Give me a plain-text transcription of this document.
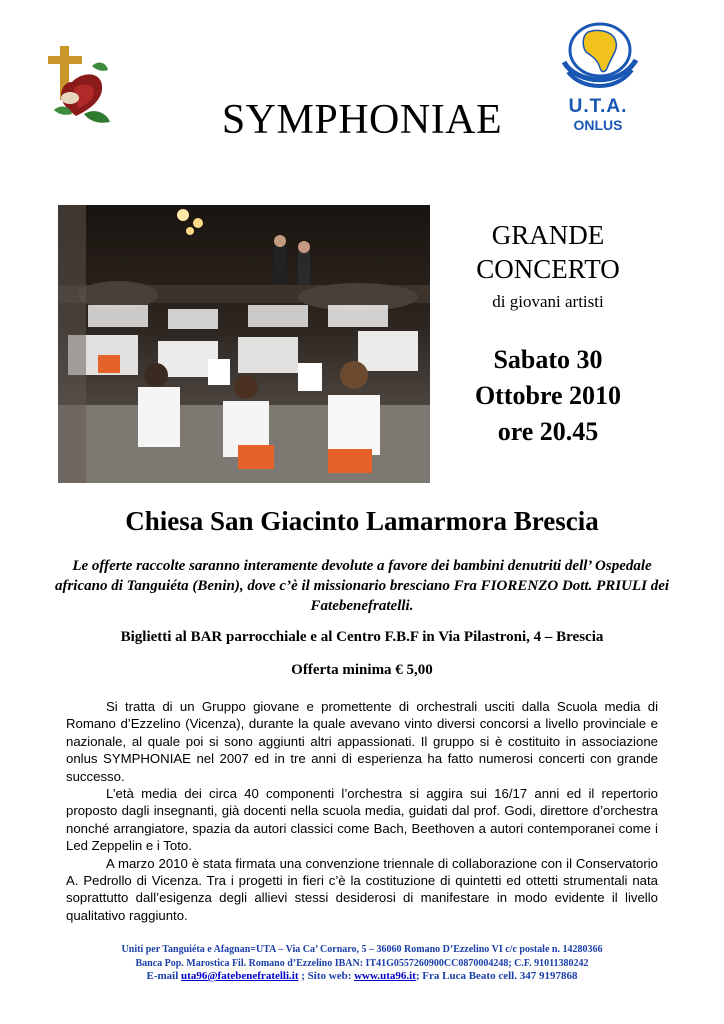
U.T.A.
ONLUS
SYMPHONIAE
GRANDE
CONCERTO
di giovani artisti
Sabato 30
Ottobre 2010
ore 20.45
Chiesa San Giacinto Lamarmora Brescia
Le offerte raccolte saranno interamente devolute a favore dei bambini denutriti dell’ Ospedale africano di Tanguiéta (Benin), dove c’è il missionario bresciano Fra FIORENZO Dott. PRIULI dei Fatebenefratelli.
Biglietti al BAR parrocchiale e al Centro F.B.F in Via Pilastroni, 4 – Brescia
Offerta minima € 5,00

Si tratta di un Gruppo giovane e promettente di orchestrali usciti dalla Scuola media di Romano d’Ezzelino (Vicenza), durante la quale avevano vinto diversi concorsi a livello provinciale e nazionale, al quale poi si sono aggiunti altri appassionati. Il gruppo si è costituito in associazione onlus SYMPHONIAE nel 2007 ed in tre anni di esperienza ha fatto numerosi concerti con grande successo.

L’età media dei circa 40 componenti l’orchestra si aggira sui 16/17 anni ed il repertorio proposto dagli insegnanti, già docenti nella scuola media, guidati dal prof. Godi, direttore d’orchestra nonché arrangiatore, spazia da autori classici come Bach, Beethoven a autori contemporanei come i Led Zeppelin e i Toto.

A marzo 2010 è stata firmata una convenzione triennale di collaborazione con il Conservatorio A. Pedrollo di Vicenza. Tra i progetti in fieri c’è la costituzione di quintetti ed ottetti strumentali nata soprattutto dall’esigenza degli allievi stessi desiderosi di manifestare in modo evidente il livello qualitativo raggiunto.

Uniti per Tanguiéta e Afagnan=UTA – Via Ca’ Cornaro, 5 – 36060 Romano D’Ezzelino VI c/c postale n. 14280366
Banca Pop. Marostica Fil. Romano d’Ezzelino IBAN: IT41G0557260900CC0870004248; C.F. 91011380242
E-mail uta96@fatebenefratelli.it ; Sito web: www.uta96.it; Fra Luca Beato cell. 347 9197868
